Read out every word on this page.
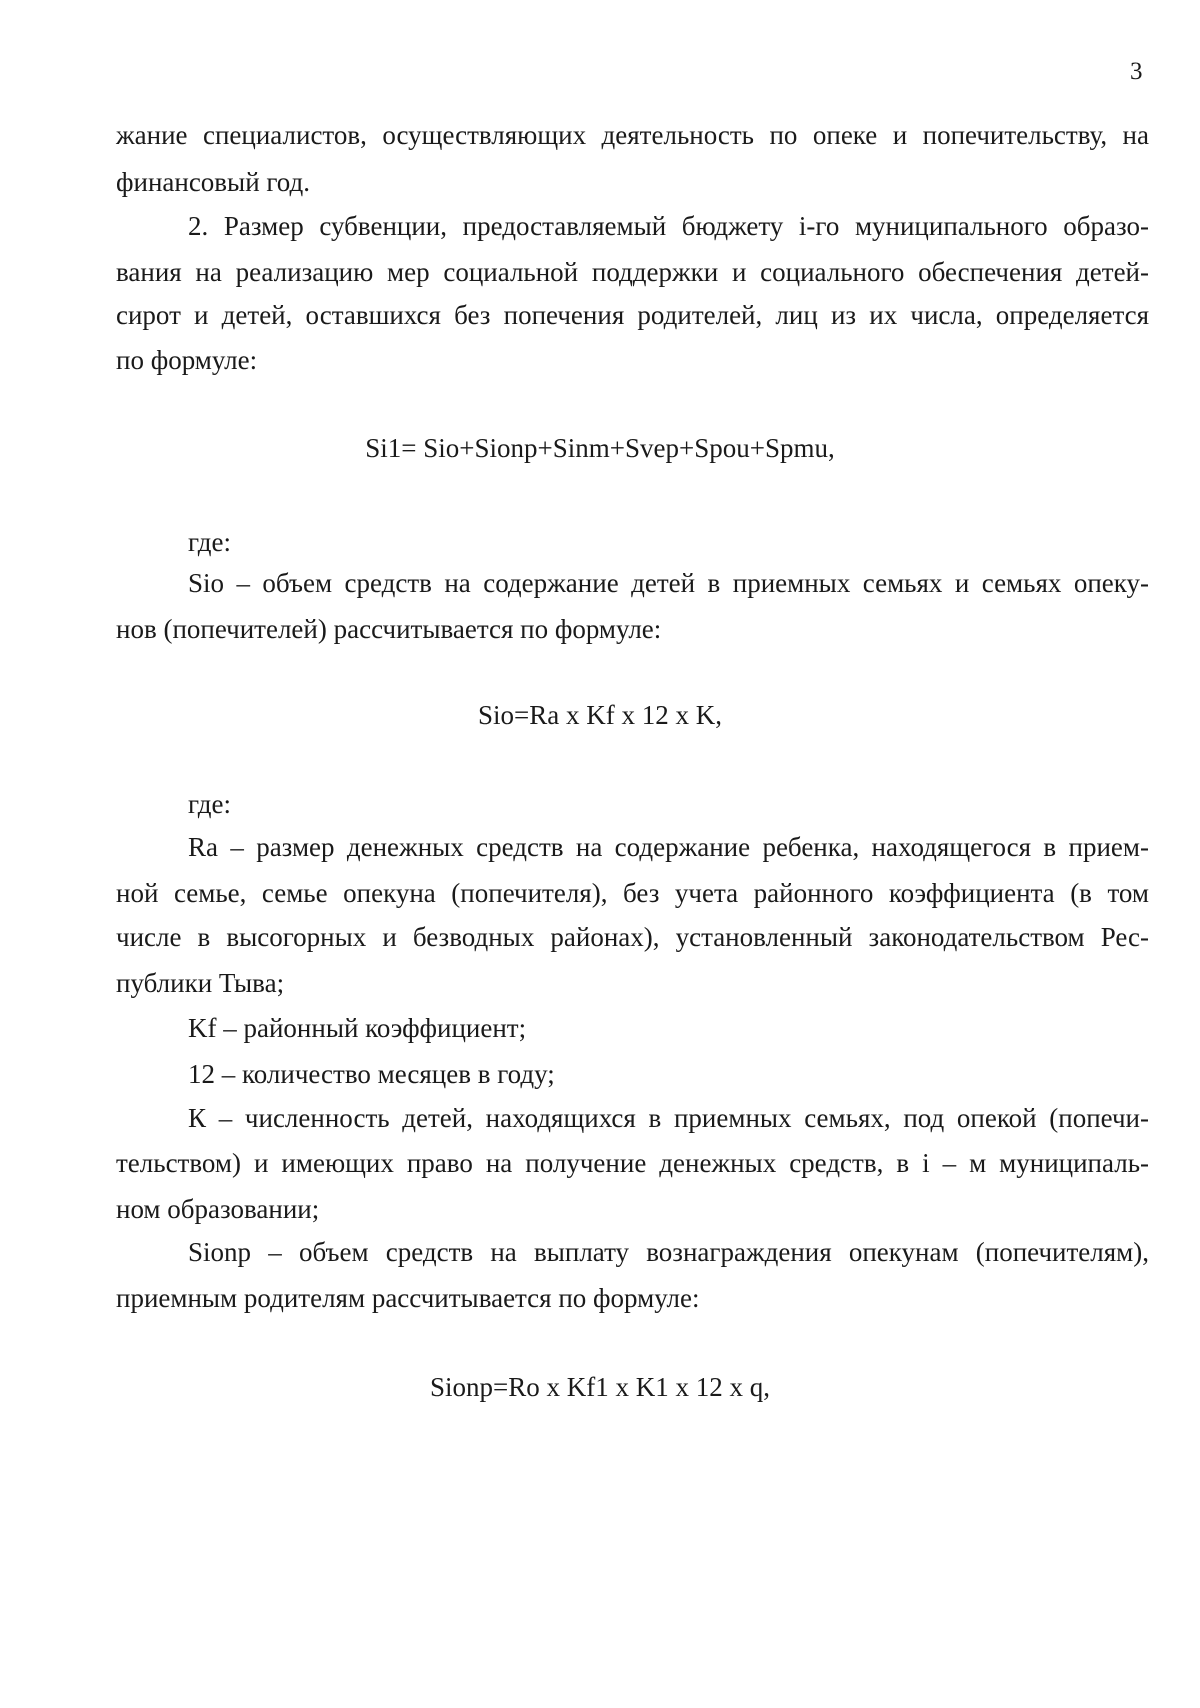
3
жание специалистов, осуществляющих деятельность по опеке и попечительству, на
финансовый год.
2. Размер субвенции, предоставляемый бюджету i-го муниципального образо-
вания на реализацию мер социальной поддержки и социального обеспечения детей-
сирот и детей, оставшихся без попечения родителей, лиц из их числа, определяется
по формуле:
Si1= Sio+Sionp+Sinm+Svep+Spou+Spmu,
где:
Sio – объем средств на содержание детей в приемных семьях и семьях опеку-
нов (попечителей) рассчитывается по формуле:
Sio=Ra x Kf x 12 x K,
где:
Ra – размер денежных средств на содержание ребенка, находящегося в прием-
ной семье, семье опекуна (попечителя), без учета районного коэффициента (в том
числе в высогорных и безводных районах), установленный законодательством Рес-
публики Тыва;
Kf – районный коэффициент;
12 – количество месяцев в году;
К – численность детей, находящихся в приемных семьях, под опекой (попечи-
тельством) и имеющих право на получение денежных средств, в i – м муниципаль-
ном образовании;
Sionp – объем средств на выплату вознаграждения опекунам (попечителям),
приемным родителям рассчитывается по формуле:
Sionp=Ro x Kf1 x K1 x 12 x q,
